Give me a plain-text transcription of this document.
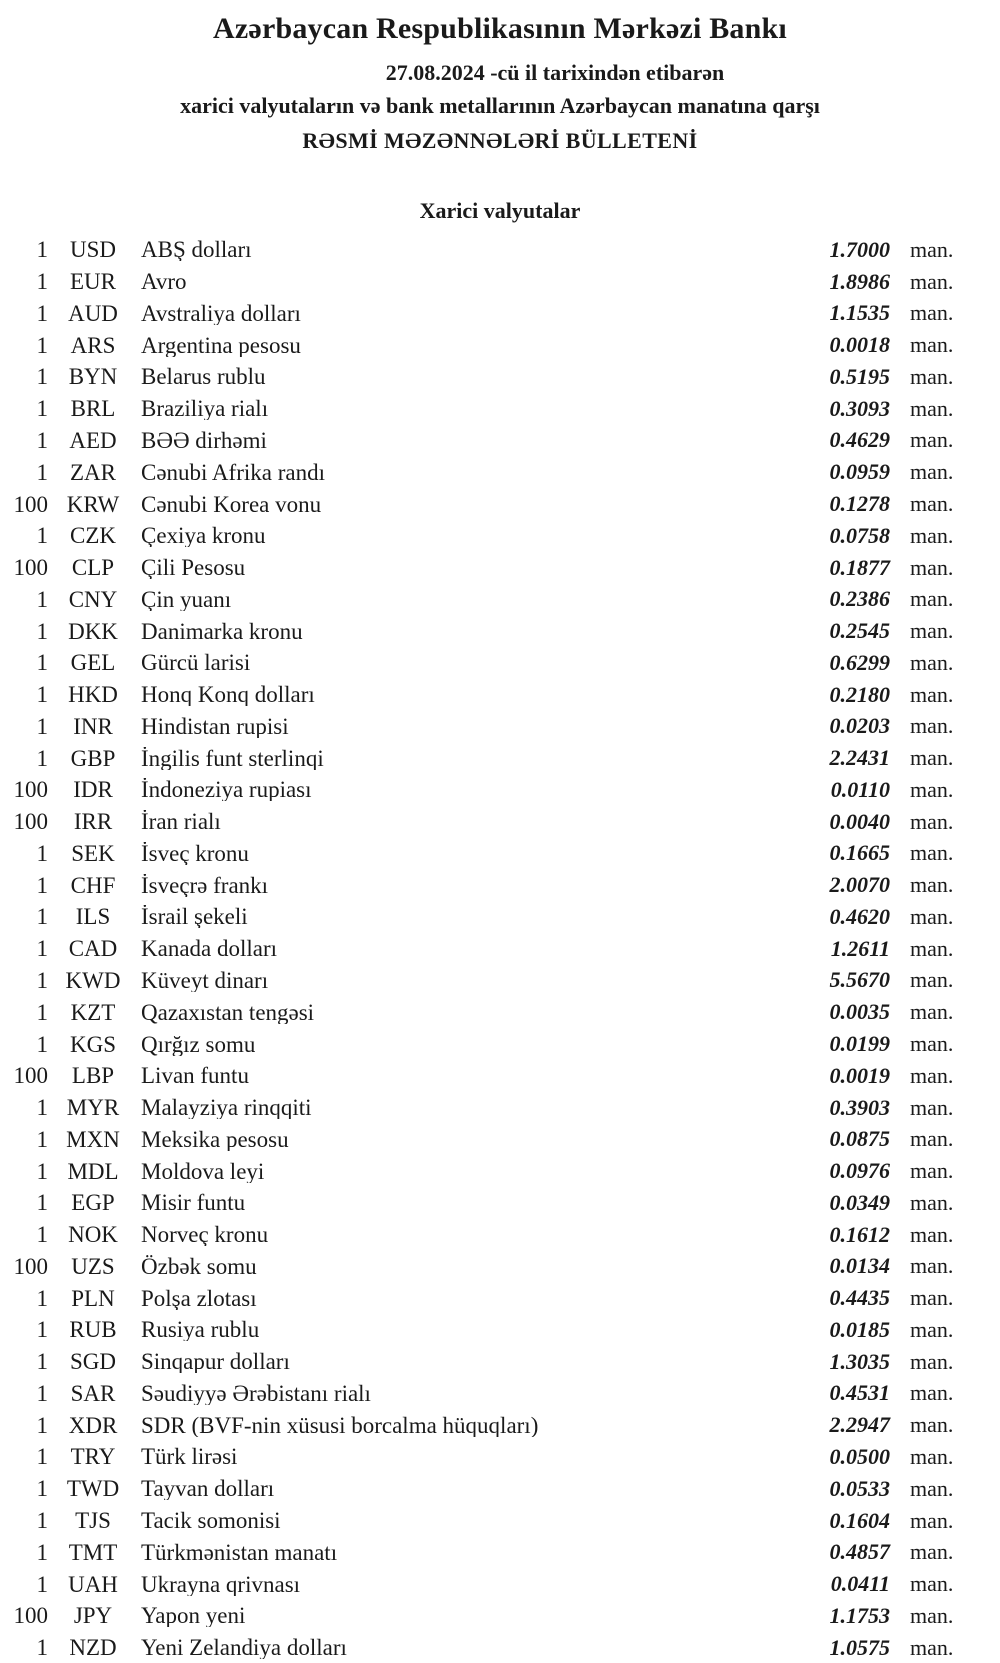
Azərbaycan Respublikasının Mərkəzi Bankı

27.08.2024 -cü il tarixindən etibarən

xarici valyutaların və bank metallarının Azərbaycan manatına qarşı

RƏSMİ MƏZƏNNƏLƏRİ BÜLLETENİ

Xarici valyutalar
1 USD	ABŞ dolları	1.7000 man.
1 EUR	Avro	1.8986 man.
1 AUD	Avstraliya dolları	1.1535 man.
1 ARS	Argentina pesosu	0.0018 man.
1 BYN	Belarus rublu	0.5195 man.
1 BRL	Braziliya rialı	0.3093 man.
1 AED	BƏƏ dirhəmi	0.4629 man.
1 ZAR	Cənubi Afrika randı	0.0959 man.
100 KRW Cənubi Korea vonu	0.1278 man.
1 CZK	Çexiya kronu	0.0758 man.
100	CLP	Çili Pesosu	0.1877 man.
1 CNY	Çin yuanı	0.2386 man.
1 DKK	Danimarka kronu	0.2545 man.
1 GEL	Gürcü larisi	0.6299 man.
1 HKD	Honq Konq dolları	0.2180 man.
1	INR	Hindistan rupisi	0.0203 man.
1 GBP	İngilis funt sterlinqi	2.2431 man.
100	IDR	İndoneziya rupiası	0.0110 man.
100	IRR	İran rialı	0.0040 man.
1	SEK	İsveç kronu	0.1665 man.
1 CHF	İsveçrə frankı	2.0070 man.
1	ILS	İsrail şekeli	0.4620 man.
1 CAD	Kanada dolları	1.2611 man.
1 KWD Küveyt dinarı	5.5670 man.
1 KZT	Qazaxıstan tengəsi	0.0035 man.
1 KGS	Qırğız somu	0.0199 man.
100	LBP	Livan funtu	0.0019 man.
1 MYR Malayziya rinqqiti	0.3903 man.
1 MXN Meksika pesosu	0.0875 man.
1 MDL Moldova leyi	0.0976 man.
1	EGP	Misir funtu	0.0349 man.
1 NOK	Norveç kronu	0.1612 man.
100	UZS	Özbək somu	0.0134 man.
1	PLN	Polşa zlotası	0.4435 man.
1 RUB	Rusiya rublu	0.0185 man.
1 SGD	Sinqapur dolları	1.3035 man.
1 SAR	Səudiyyə Ərəbistanı rialı	0.4531 man.
1 XDR	SDR (BVF-nin xüsusi borcalma hüquqları)	2.2947 man.
1 TRY	Türk lirəsi	0.0500 man.
1 TWD Tayvan dolları	0.0533 man.
1	TJS	Tacik somonisi	0.1604 man.
1 TMT	Türkmənistan manatı	0.4857 man.
1 UAH	Ukrayna qrivnası	0.0411 man.
100	JPY	Yapon yeni	1.1753 man.
1 NZD	Yeni Zelandiya dolları	1.0575 man.
